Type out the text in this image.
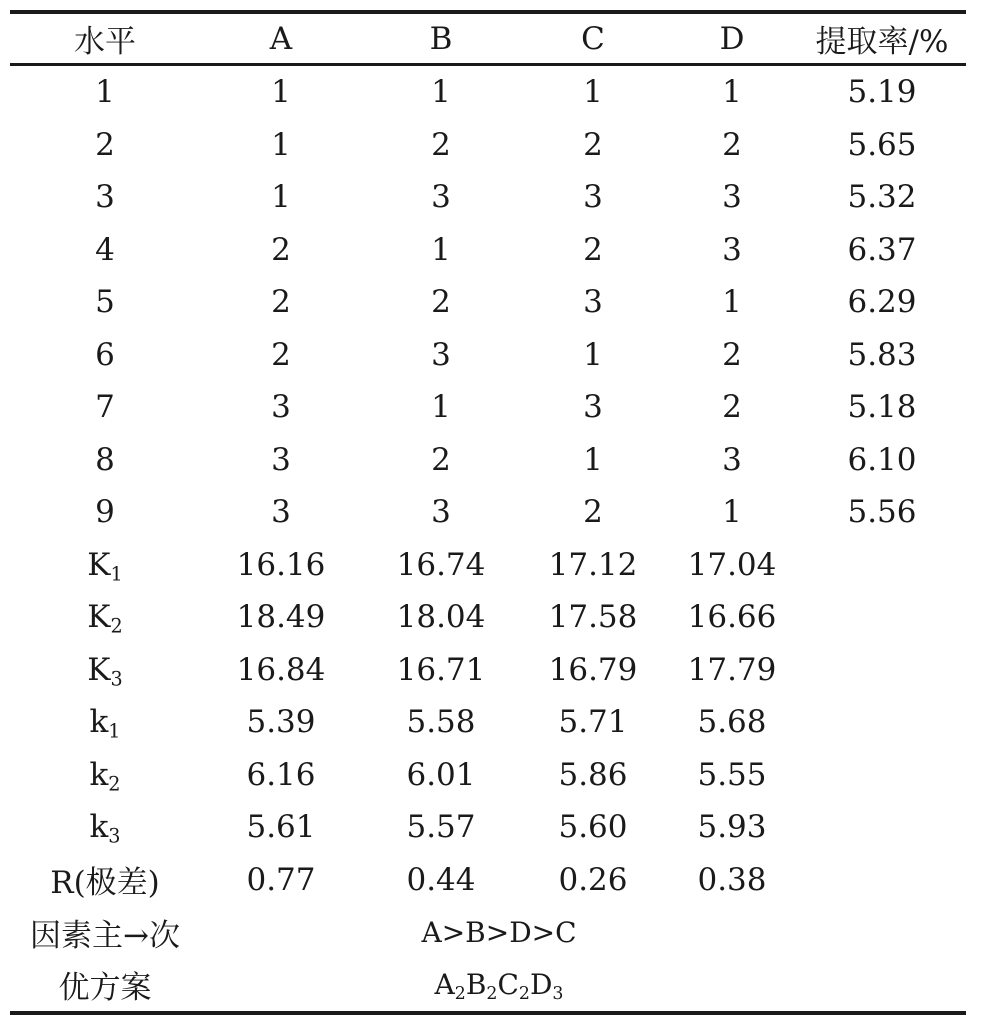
水平	A	B	C	D	提取率/%

1	1	1	1	1	5.19
2	1	2	2	2	5.65
3	1	3	3	3	5.32
4	2	1	2	3	6.37
5	2	2	3	1	6.29
6	2	3	1	2	5.83
7	3	1	3	2	5.18
8	3	2	1	3	6.10
9	3	3	2	1	5.56
$K_1$	16.16	16.74	17.12	17.04	
$K_2$	18.49	18.04	17.58	16.66	
$K_3$	16.84	16.71	16.79	17.79	
$k_1$	5.39	5.58	5.71	5.68	
$k_2$	6.16	6.01	5.86	5.55	
$k_3$	5.61	5.57	5.60	5.93	
R(极差)	0.77	0.44	0.26	0.38	
因素主→次	A>B>D>C				
优方案	$A_2B_2C_2D_3$	
